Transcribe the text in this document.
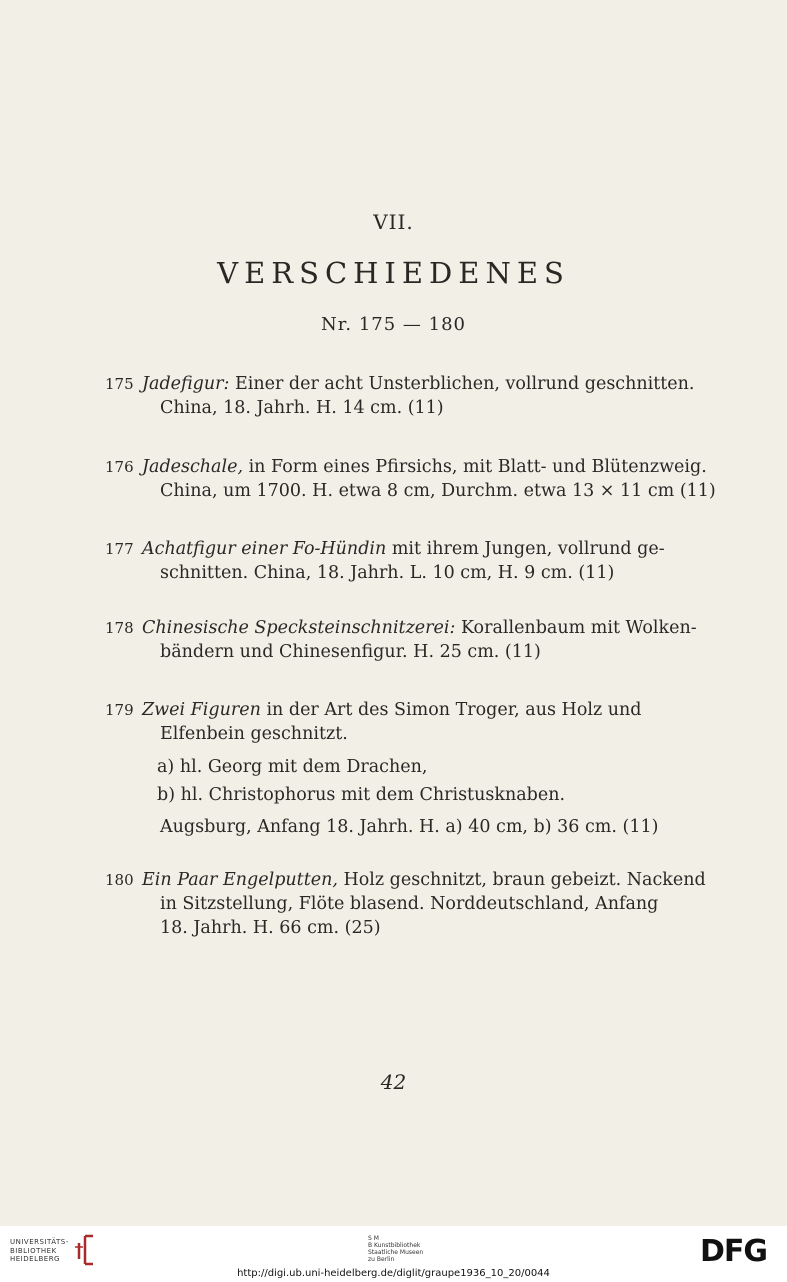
VII.
VERSCHIEDENES
Nr. 175 — 180
175 Jadefigur: Einer der acht Unsterblichen, vollrund geschnitten.
China, 18. Jahrh. H. 14 cm. (11)
176 Jadeschale, in Form eines Pfirsichs, mit Blatt- und Blütenzweig.
China, um 1700. H. etwa 8 cm, Durchm. etwa 13 × 11 cm (11)
177 Achatfigur einer Fo-Hündin mit ihrem Jungen, vollrund ge-
schnitten. China, 18. Jahrh. L. 10 cm, H. 9 cm. (11)
178 Chinesische Specksteinschnitzerei: Korallenbaum mit Wolken-
bändern und Chinesenfigur. H. 25 cm. (11)
179 Zwei Figuren in der Art des Simon Troger, aus Holz und
Elfenbein geschnitzt.
a) hl. Georg mit dem Drachen,
b) hl. Christophorus mit dem Christusknaben.
Augsburg, Anfang 18. Jahrh. H. a) 40 cm, b) 36 cm. (11)
180 Ein Paar Engelputten, Holz geschnitzt, braun gebeizt. Nackend
in Sitzstellung, Flöte blasend. Norddeutschland, Anfang
18. Jahrh. H. 66 cm. (25)
42
UNIVERSITÄTS-
BIBLIOTHEK
HEIDELBERG
S M
B Kunstbibliothek
Staatliche Museen
zu Berlin	DFG
http://digi.ub.uni-heidelberg.de/diglit/graupe1936_10_20/0044
